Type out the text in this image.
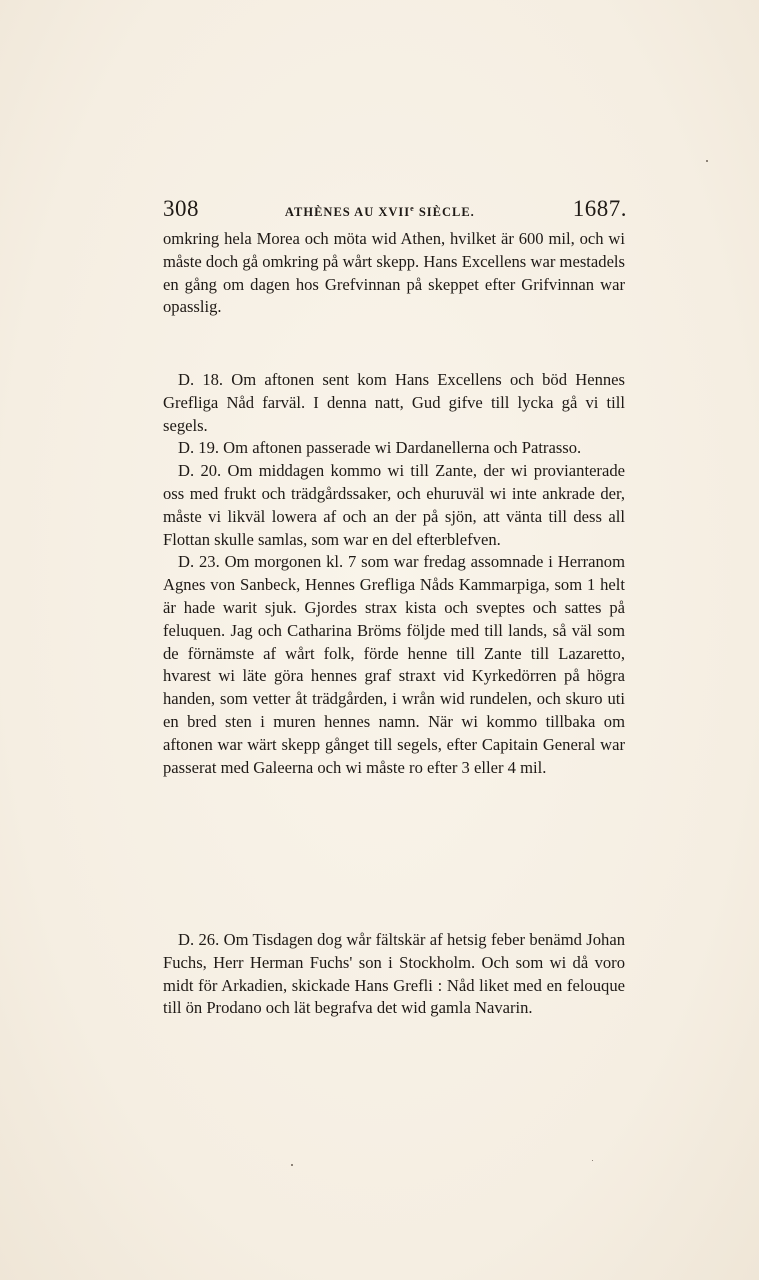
308	ATHÈNES AU XVIIe SIÈCLE.	1687.

omkring hela Morea och möta wid Athen, hvilket är 600 mil, och wi måste doch gå omkring på wårt skepp. Hans Excellens war mestadels en gång om dagen hos Grefvinnan på skeppet efter Grifvinnan war opasslig.

D. 18. Om aftonen sent kom Hans Excellens och böd Hennes Grefliga Nåd farväl. I denna natt, Gud gifve till lycka gå vi till segels.

D. 19. Om aftonen passerade wi Dardanellerna och Patrasso.

D. 20. Om middagen kommo wi till Zante, der wi provianterade oss med frukt och trädgårdssaker, och ehuruväl wi inte ankrade der, måste vi likväl lowera af och an der på sjön, att vänta till dess all Flottan skulle samlas, som war en del efterblefven.

D. 23. Om morgonen kl. 7 som war fredag assomnade i Herranom Agnes von Sanbeck, Hennes Grefliga Nåds Kammarpiga, som 1 helt är hade warit sjuk. Gjordes strax kista och sveptes och sattes på feluquen. Jag och Catharina Bröms följde med till lands, så väl som de förnämste af wårt folk, förde henne till Zante till Lazaretto, hvarest wi läte göra hennes graf straxt vid Kyrkedörren på högra handen, som vetter åt trädgården, i wrån wid rundelen, och skuro uti en bred sten i muren hennes namn. När wi kommo tillbaka om aftonen war wärt skepp gånget till segels, efter Capitain General war passerat med Galeerna och wi måste ro efter 3 eller 4 mil.

D. 26. Om Tisdagen dog wår fältskär af hetsig feber benämd Johan Fuchs, Herr Herman Fuchs' son i Stockholm. Och som wi då voro midt för Arkadien, skickade Hans Grefli : Nåd liket med en felouque till ön Prodano och lät begrafva det wid gamla Navarin.
